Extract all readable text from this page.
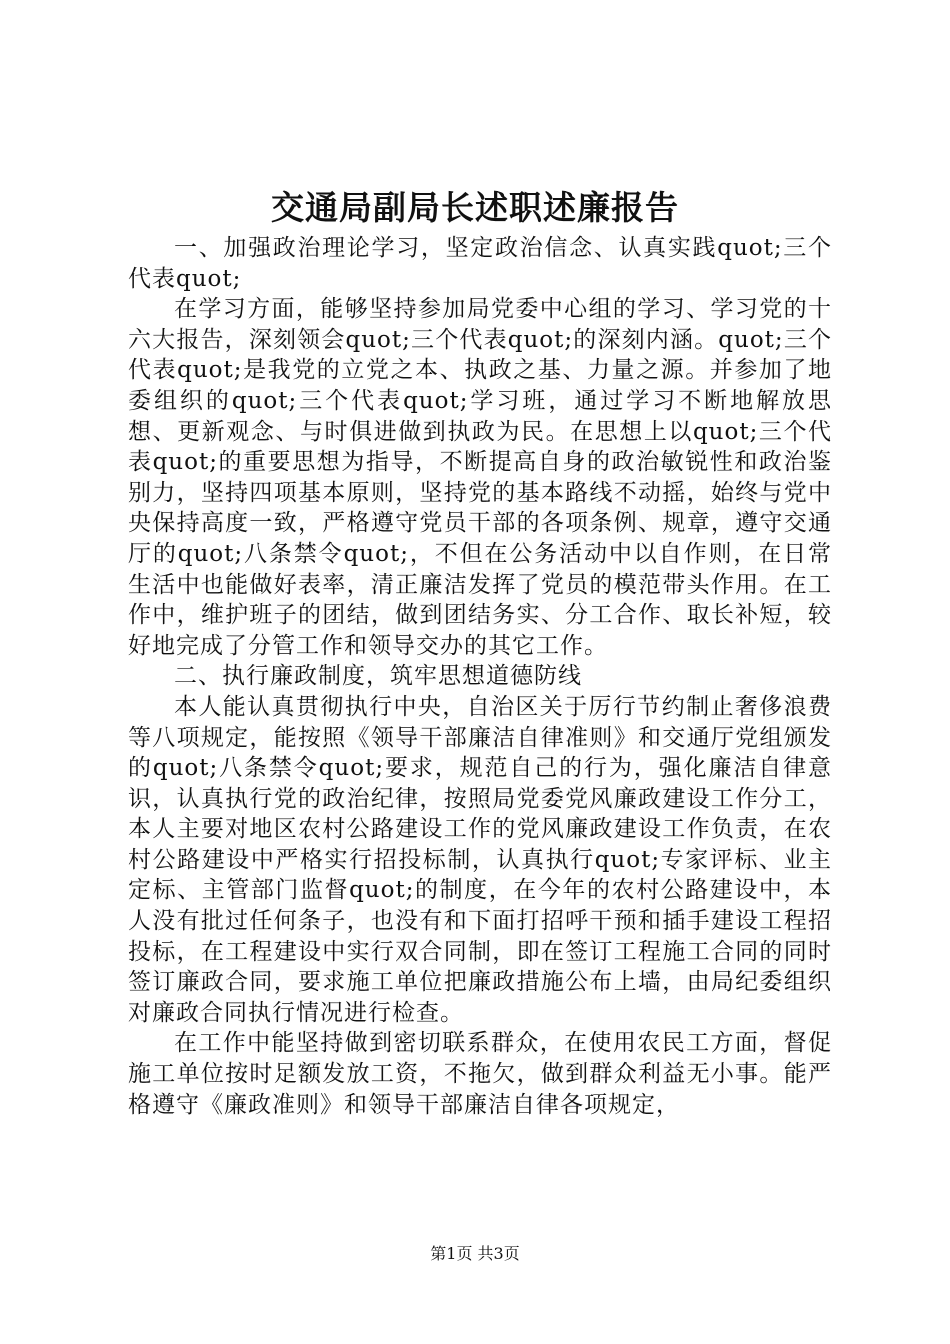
交通局副局长述职述廉报告

一、加强政治理论学习，坚定政治信念、认真实践quot;三个代表quot;

在学习方面，能够坚持参加局党委中心组的学习、学习党的十六大报告，深刻领会quot;三个代表quot;的深刻内涵。quot;三个代表quot;是我党的立党之本、执政之基、力量之源。并参加了地委组织的quot;三个代表quot;学习班，通过学习不断地解放思想、更新观念、与时俱进做到执政为民。在思想上以quot;三个代表quot;的重要思想为指导，不断提高自身的政治敏锐性和政治鉴别力，坚持四项基本原则，坚持党的基本路线不动摇，始终与党中央保持高度一致，严格遵守党员干部的各项条例、规章，遵守交通厅的quot;八条禁令quot;，不但在公务活动中以自作则，在日常生活中也能做好表率，清正廉洁发挥了党员的模范带头作用。在工作中，维护班子的团结，做到团结务实、分工合作、取长补短，较好地完成了分管工作和领导交办的其它工作。

二、执行廉政制度，筑牢思想道德防线

本人能认真贯彻执行中央，自治区关于厉行节约制止奢侈浪费等八项规定，能按照《领导干部廉洁自律准则》和交通厅党组颁发的quot;八条禁令quot;要求，规范自己的行为，强化廉洁自律意识，认真执行党的政治纪律，按照局党委党风廉政建设工作分工，本人主要对地区农村公路建设工作的党风廉政建设工作负责，在农村公路建设中严格实行招投标制，认真执行quot;专家评标、业主定标、主管部门监督quot;的制度，在今年的农村公路建设中，本人没有批过任何条子，也没有和下面打招呼干预和插手建设工程招投标，在工程建设中实行双合同制，即在签订工程施工合同的同时签订廉政合同，要求施工单位把廉政措施公布上墙，由局纪委组织对廉政合同执行情况进行检查。

在工作中能坚持做到密切联系群众，在使用农民工方面，督促施工单位按时足额发放工资，不拖欠，做到群众利益无小事。能严格遵守《廉政准则》和领导干部廉洁自律各项规定，

第1页 共3页
